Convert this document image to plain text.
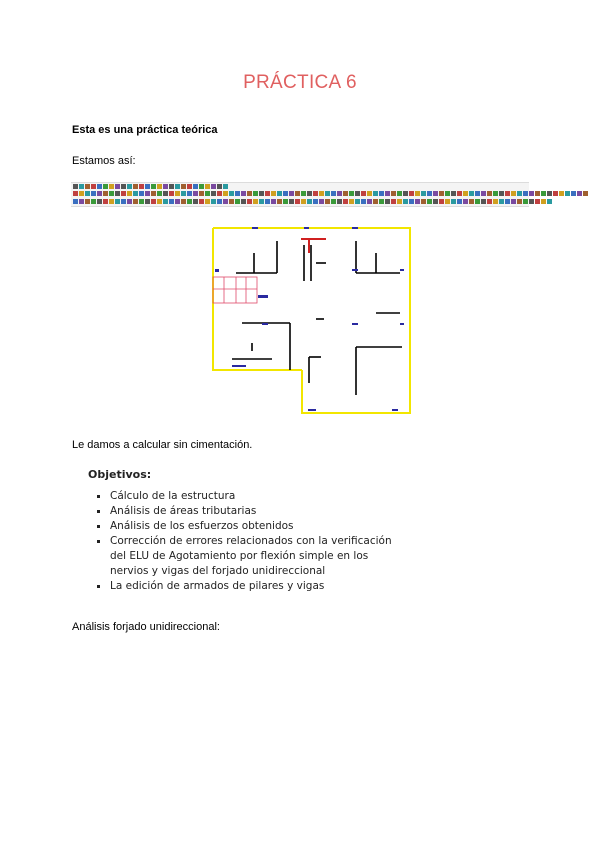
PRÁCTICA 6
Esta es una práctica teórica
Estamos así:
Le damos a calcular sin cimentación.
Objetivos:
Cálculo de la estructura
Análisis de áreas tributarias
Análisis de los esfuerzos obtenidos
Corrección de errores relacionados con la verificación del ELU de Agotamiento por flexión simple en los nervios y vigas del forjado unidireccional
La edición de armados de pilares y vigas
Análisis forjado unidireccional:
